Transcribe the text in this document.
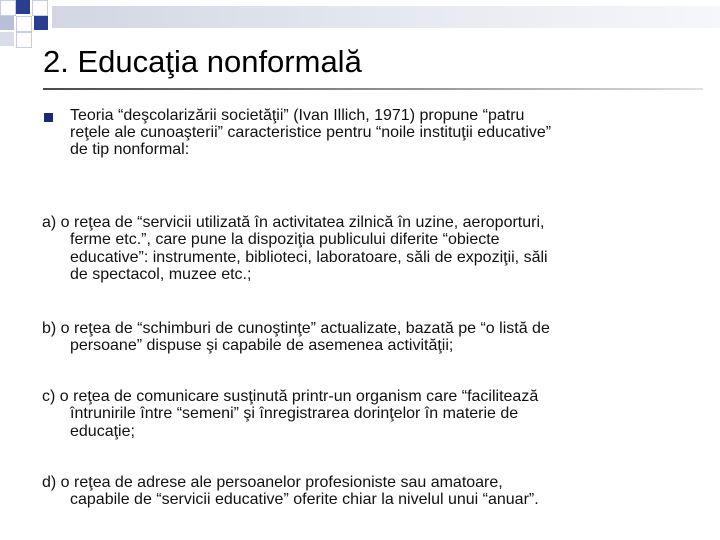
2. Educaţia nonformală

Teoria “deşcolarizării societăţii” (Ivan Illich, 1971) propune “patru
reţele ale cunoaşterii” caracteristice pentru “noile instituţii educative”
de tip nonformal:

a) o reţea de “servicii utilizată în activitatea zilnică în uzine, aeroporturi,
ferme etc.”, care pune la dispoziţia publicului diferite “obiecte
educative”: instrumente, biblioteci, laboratoare, săli de expoziţii, săli
de spectacol, muzee etc.;

b) o reţea de “schimburi de cunoştinţe” actualizate, bazată pe “o listă de
persoane” dispuse şi capabile de asemenea activităţii;

c) o reţea de comunicare susţinută printr-un organism care “facilitează
întrunirile între “semeni” şi înregistrarea dorinţelor în materie de
educaţie;

d) o reţea de adrese ale persoanelor profesioniste sau amatoare,
capabile de “servicii educative” oferite chiar la nivelul unui “anuar”.
